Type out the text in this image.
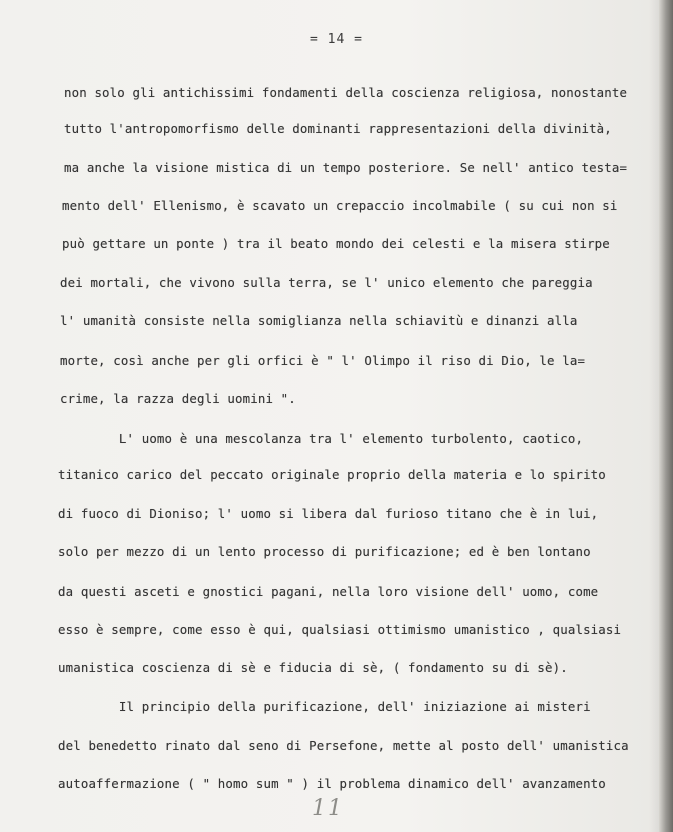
= 14 =
non solo gli antichissimi fondamenti della coscienza religiosa, nonostante
tutto l'antropomorfismo delle dominanti rappresentazioni della divinità,
ma anche la visione mistica di un tempo posteriore. Se nell' antico testa=
mento dell' Ellenismo, è scavato un crepaccio incolmabile ( su cui non si
può gettare un ponte ) tra il beato mondo dei celesti e la misera stirpe
dei mortali, che vivono sulla terra, se l' unico elemento che pareggia
l' umanità consiste nella somiglianza nella schiavitù e dinanzi alla
morte, così anche per gli orfici è " l' Olimpo il riso di Dio, le la=
crime, la razza degli uomini ".
L' uomo è una mescolanza tra l' elemento turbolento, caotico,
titanico carico del peccato originale proprio della materia e lo spirito
di fuoco di Dioniso; l' uomo si libera dal furioso titano che è in lui,
solo per mezzo di un lento processo di purificazione; ed è ben lontano
da questi asceti e gnostici pagani, nella loro visione dell' uomo, come
esso è sempre, come esso è qui, qualsiasi ottimismo umanistico , qualsiasi
umanistica coscienza di sè e fiducia di sè, ( fondamento su di sè).
Il principio della purificazione, dell' iniziazione ai misteri
del benedetto rinato dal seno di Persefone, mette al posto dell' umanistica
autoaffermazione ( " homo sum " ) il problema dinamico dell' avanzamento
11
